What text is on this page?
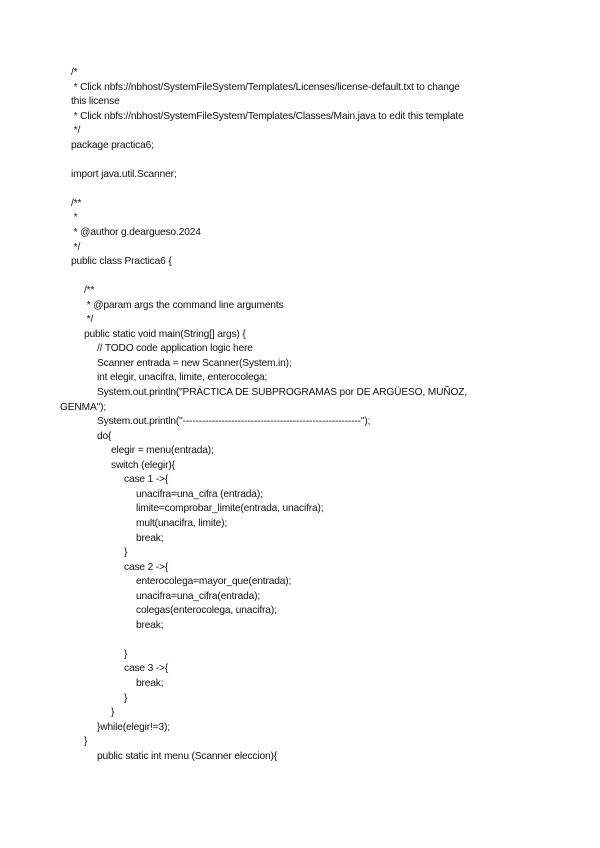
/*
* Click nbfs://nbhost/SystemFileSystem/Templates/Licenses/license-default.txt to change
this license
* Click nbfs://nbhost/SystemFileSystem/Templates/Classes/Main.java to edit this template
*/
package practica6;
import java.util.Scanner;
/**
*
* @author g.deargueso.2024
*/
public class Practica6 {
/**
* @param args the command line arguments
*/
public static void main(String[] args) {
// TODO code application logic here
Scanner entrada = new Scanner(System.in);
int elegir, unacifra, limite, enterocolega;
System.out.println("PRÁCTICA DE SUBPROGRAMAS por DE ARGÜESO, MUÑOZ,
GENMA");
System.out.println("-------------------------------------------------------");
do{
elegir = menu(entrada);
switch (elegir){
case 1 ->{
unacifra=una_cifra (entrada);
limite=comprobar_limite(entrada, unacifra);
mult(unacifra, limite);
break;
}
case 2 ->{
enterocolega=mayor_que(entrada);
unacifra=una_cifra(entrada);
colegas(enterocolega, unacifra);
break;
}
case 3 ->{
break;
}
}
}while(elegir!=3);
}
public static int menu (Scanner eleccion){
